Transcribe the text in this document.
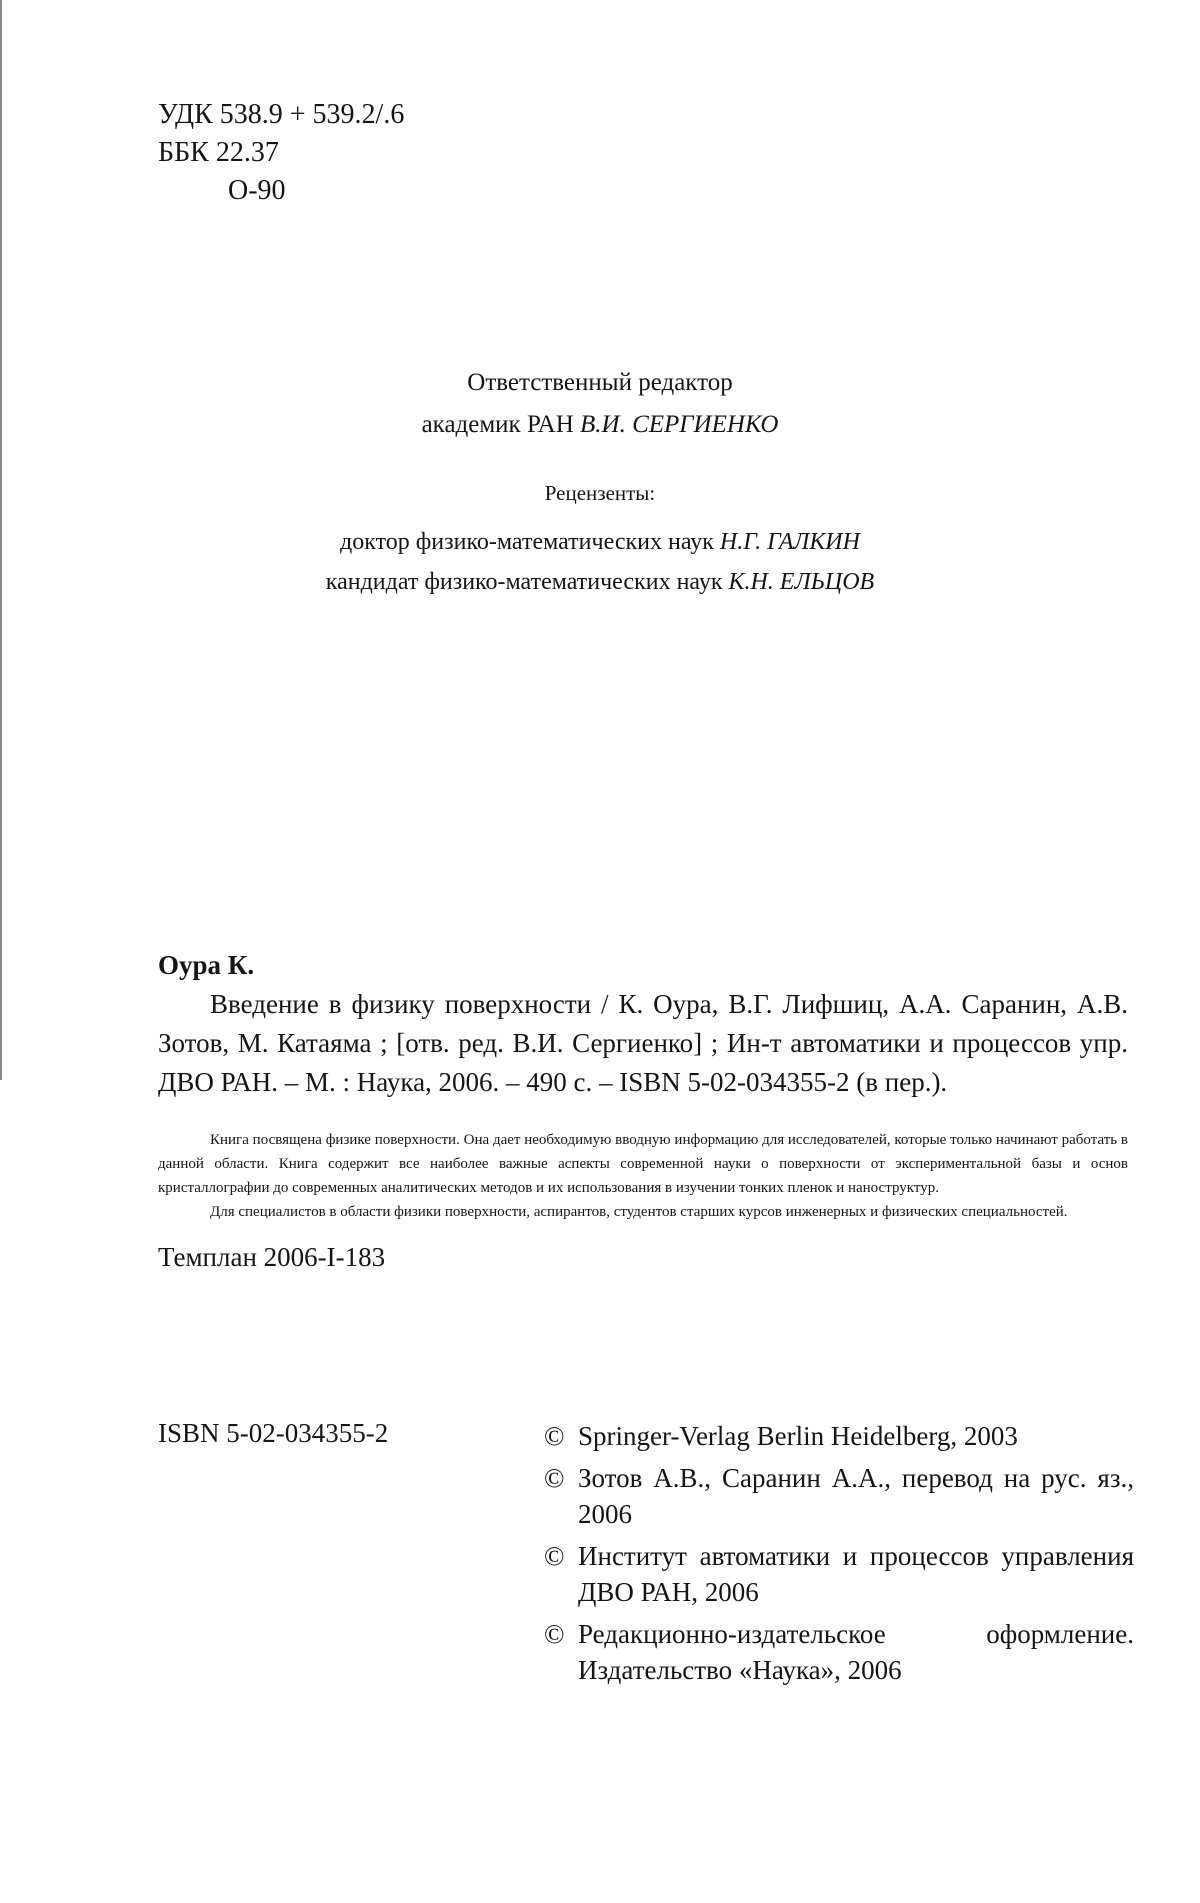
УДК 538.9 + 539.2/.6
ББК 22.37
О-90
Ответственный редактор
академик РАН В.И. СЕРГИЕНКО
Рецензенты:
доктор физико-математических наук Н.Г. ГАЛКИН
кандидат физико-математических наук К.Н. ЕЛЬЦОВ
Оура К.
Введение в физику поверхности / К. Оура, В.Г. Лифшиц, А.А. Саранин, А.В. Зотов, М. Катаяма ; [отв. ред. В.И. Сергиенко] ; Ин-т автоматики и процессов упр. ДВО РАН. – М. : Наука, 2006. – 490 с. – ISBN 5-02-034355-2 (в пер.).

Книга посвящена физике поверхности. Она дает необходимую вводную информацию для исследователей, которые только начинают работать в данной области. Книга содержит все наиболее важные аспекты современной науки о поверхности от экспериментальной базы и основ кристаллографии до современных аналитических методов и их использования в изучении тонких пленок и наноструктур.

Для специалистов в области физики поверхности, аспирантов, студентов старших курсов инженерных и физических специальностей.

Темплан 2006-I-183
ISBN 5-02-034355-2	© Springer-Verlag Berlin Heidelberg, 2003
© Зотов А.В., Саранин А.А., перевод на рус. яз., 2006
© Институт автоматики и процессов управления ДВО РАН, 2006
© Редакционно-издательское оформление. Издательство «Наука», 2006
